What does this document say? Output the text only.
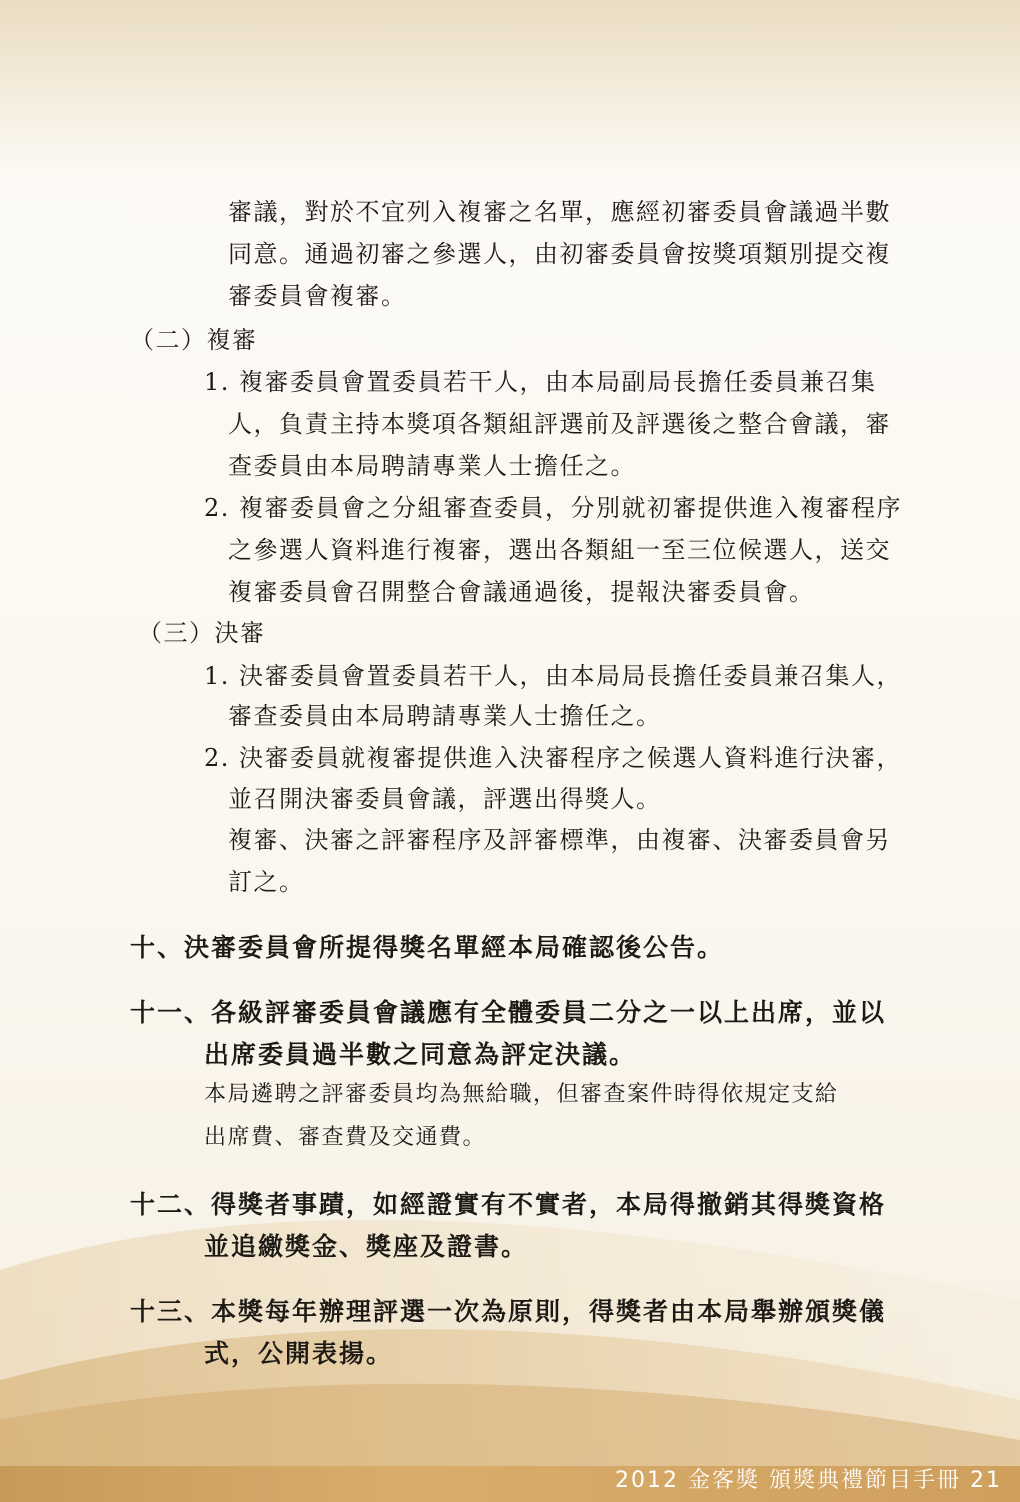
審議，對於不宜列入複審之名單，應經初審委員會議過半數
同意。通過初審之參選人，由初審委員會按獎項類別提交複
審委員會複審。
（二）複審
1. 複審委員會置委員若干人，由本局副局長擔任委員兼召集
人，負責主持本獎項各類組評選前及評選後之整合會議，審
查委員由本局聘請專業人士擔任之。
2. 複審委員會之分組審查委員，分別就初審提供進入複審程序
之參選人資料進行複審，選出各類組一至三位候選人，送交
複審委員會召開整合會議通過後，提報決審委員會。
（三）決審
1. 決審委員會置委員若干人，由本局局長擔任委員兼召集人，
審查委員由本局聘請專業人士擔任之。
2. 決審委員就複審提供進入決審程序之候選人資料進行決審，
並召開決審委員會議，評選出得獎人。
複審、決審之評審程序及評審標準，由複審、決審委員會另
訂之。
十、決審委員會所提得獎名單經本局確認後公告。
十一、各級評審委員會議應有全體委員二分之一以上出席，並以
出席委員過半數之同意為評定決議。
本局遴聘之評審委員均為無給職，但審查案件時得依規定支給
出席費、審查費及交通費。
十二、得獎者事蹟，如經證實有不實者，本局得撤銷其得獎資格
並追繳獎金、獎座及證書。
十三、本獎每年辦理評選一次為原則，得獎者由本局舉辦頒獎儀
式，公開表揚。
2012 金客獎 頒獎典禮節目手冊 21
